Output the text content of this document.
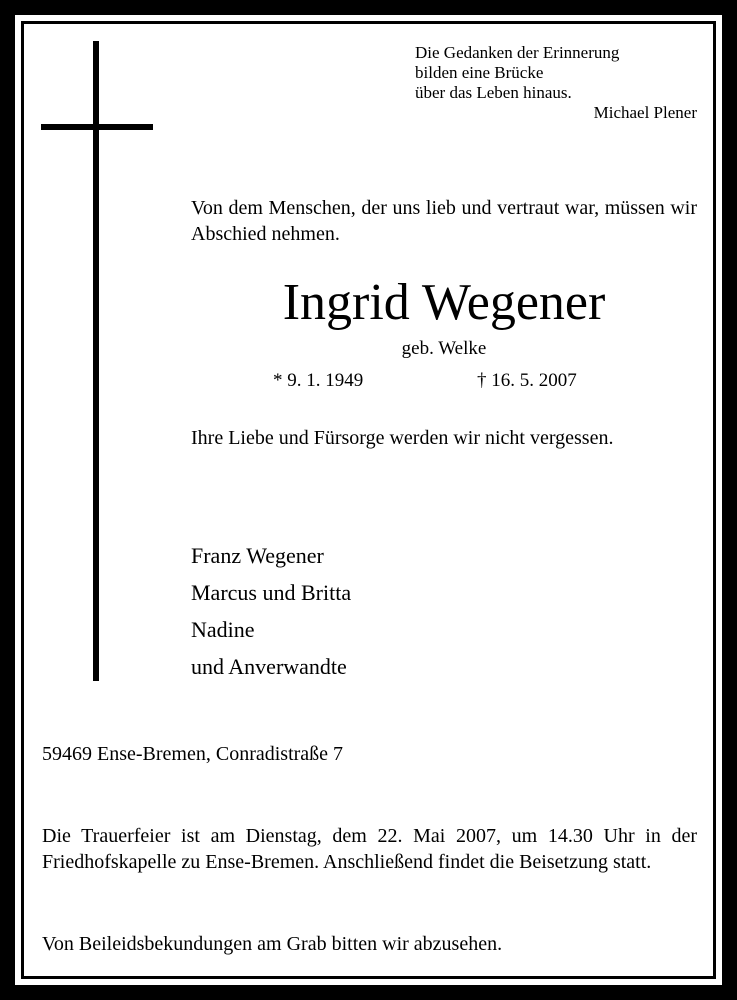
Die Gedanken der Erinnerung
bilden eine Brücke
über das Leben hinaus.
Michael Plener
Von dem Menschen, der uns lieb und vertraut war, müssen wir Abschied nehmen.
Ingrid Wegener
geb. Welke
* 9. 1. 1949	† 16. 5. 2007
Ihre Liebe und Fürsorge werden wir nicht vergessen.
Franz Wegener
Marcus und Britta
Nadine
und Anverwandte
59469 Ense-Bremen, Conradistraße 7
Die Trauerfeier ist am Dienstag, dem 22. Mai 2007, um 14.30 Uhr in der Friedhofskapelle zu Ense-Bremen. Anschließend findet die Beisetzung statt.
Von Beileidsbekundungen am Grab bitten wir abzusehen.
